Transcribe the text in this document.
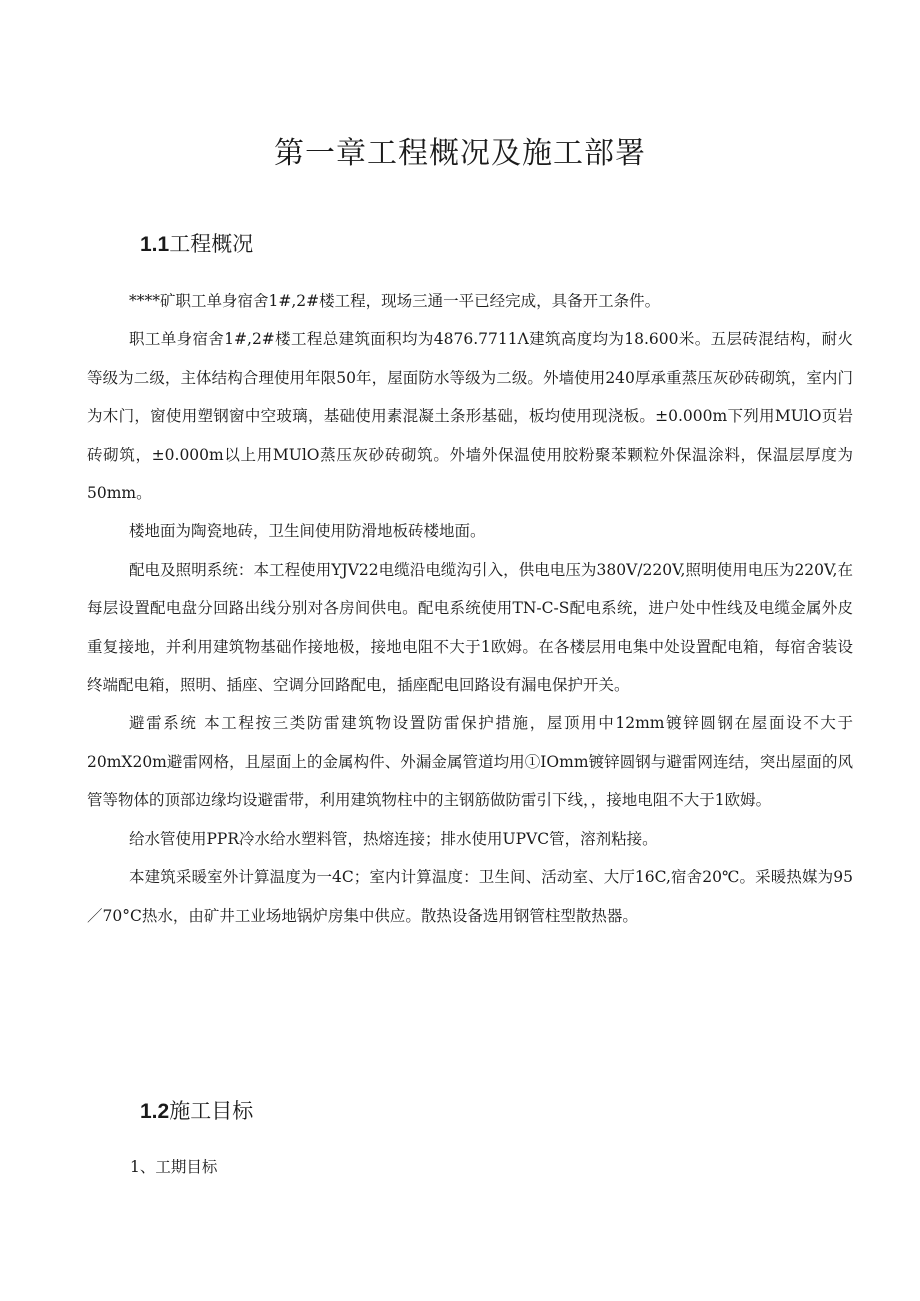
第一章工程概况及施工部署
1.1工程概况

****矿职工单身宿舍1#,2#楼工程，现场三通一平已经完成，具备开工条件。

职工单身宿舍1#,2#楼工程总建筑面积均为4876.7711Λ建筑高度均为18.600米。五层砖混结构，耐火等级为二级，主体结构合理使用年限50年，屋面防水等级为二级。外墙使用240厚承重蒸压灰砂砖砌筑，室内门为木门，窗使用塑钢窗中空玻璃，基础使用素混凝土条形基础，板均使用现浇板。±0.000m下列用MUlO页岩砖砌筑，±0.000m以上用MUlO蒸压灰砂砖砌筑。外墙外保温使用胶粉聚苯颗粒外保温涂料，保温层厚度为50mm。

楼地面为陶瓷地砖，卫生间使用防滑地板砖楼地面。

配电及照明系统：本工程使用YJV22电缆沿电缆沟引入，供电电压为380V/220V,照明使用电压为220V,在每层设置配电盘分回路出线分别对各房间供电。配电系统使用TN-C-S配电系统，进户处中性线及电缆金属外皮重复接地，并利用建筑物基础作接地极，接地电阻不大于1欧姆。在各楼层用电集中处设置配电箱，每宿舍装设终端配电箱，照明、插座、空调分回路配电，插座配电回路设有漏电保护开关。

避雷系统 本工程按三类防雷建筑物设置防雷保护措施，屋顶用中12mm镀锌圆钢在屋面设不大于20mX20m避雷网格，且屋面上的金属构件、外漏金属管道均用①IOmm镀锌圆钢与避雷网连结，突出屋面的风管等物体的顶部边缘均设避雷带，利用建筑物柱中的主钢筋做防雷引下线，，接地电阻不大于1欧姆。

给水管使用PPR冷水给水塑料管，热熔连接；排水使用UPVC管，溶剂粘接。

本建筑采暖室外计算温度为一4C；室内计算温度：卫生间、活动室、大厅16C,宿舍20℃。采暖热媒为95／70°C热水，由矿井工业场地锅炉房集中供应。散热设备选用钢管柱型散热器。

1.2施工目标
1、工期目标
